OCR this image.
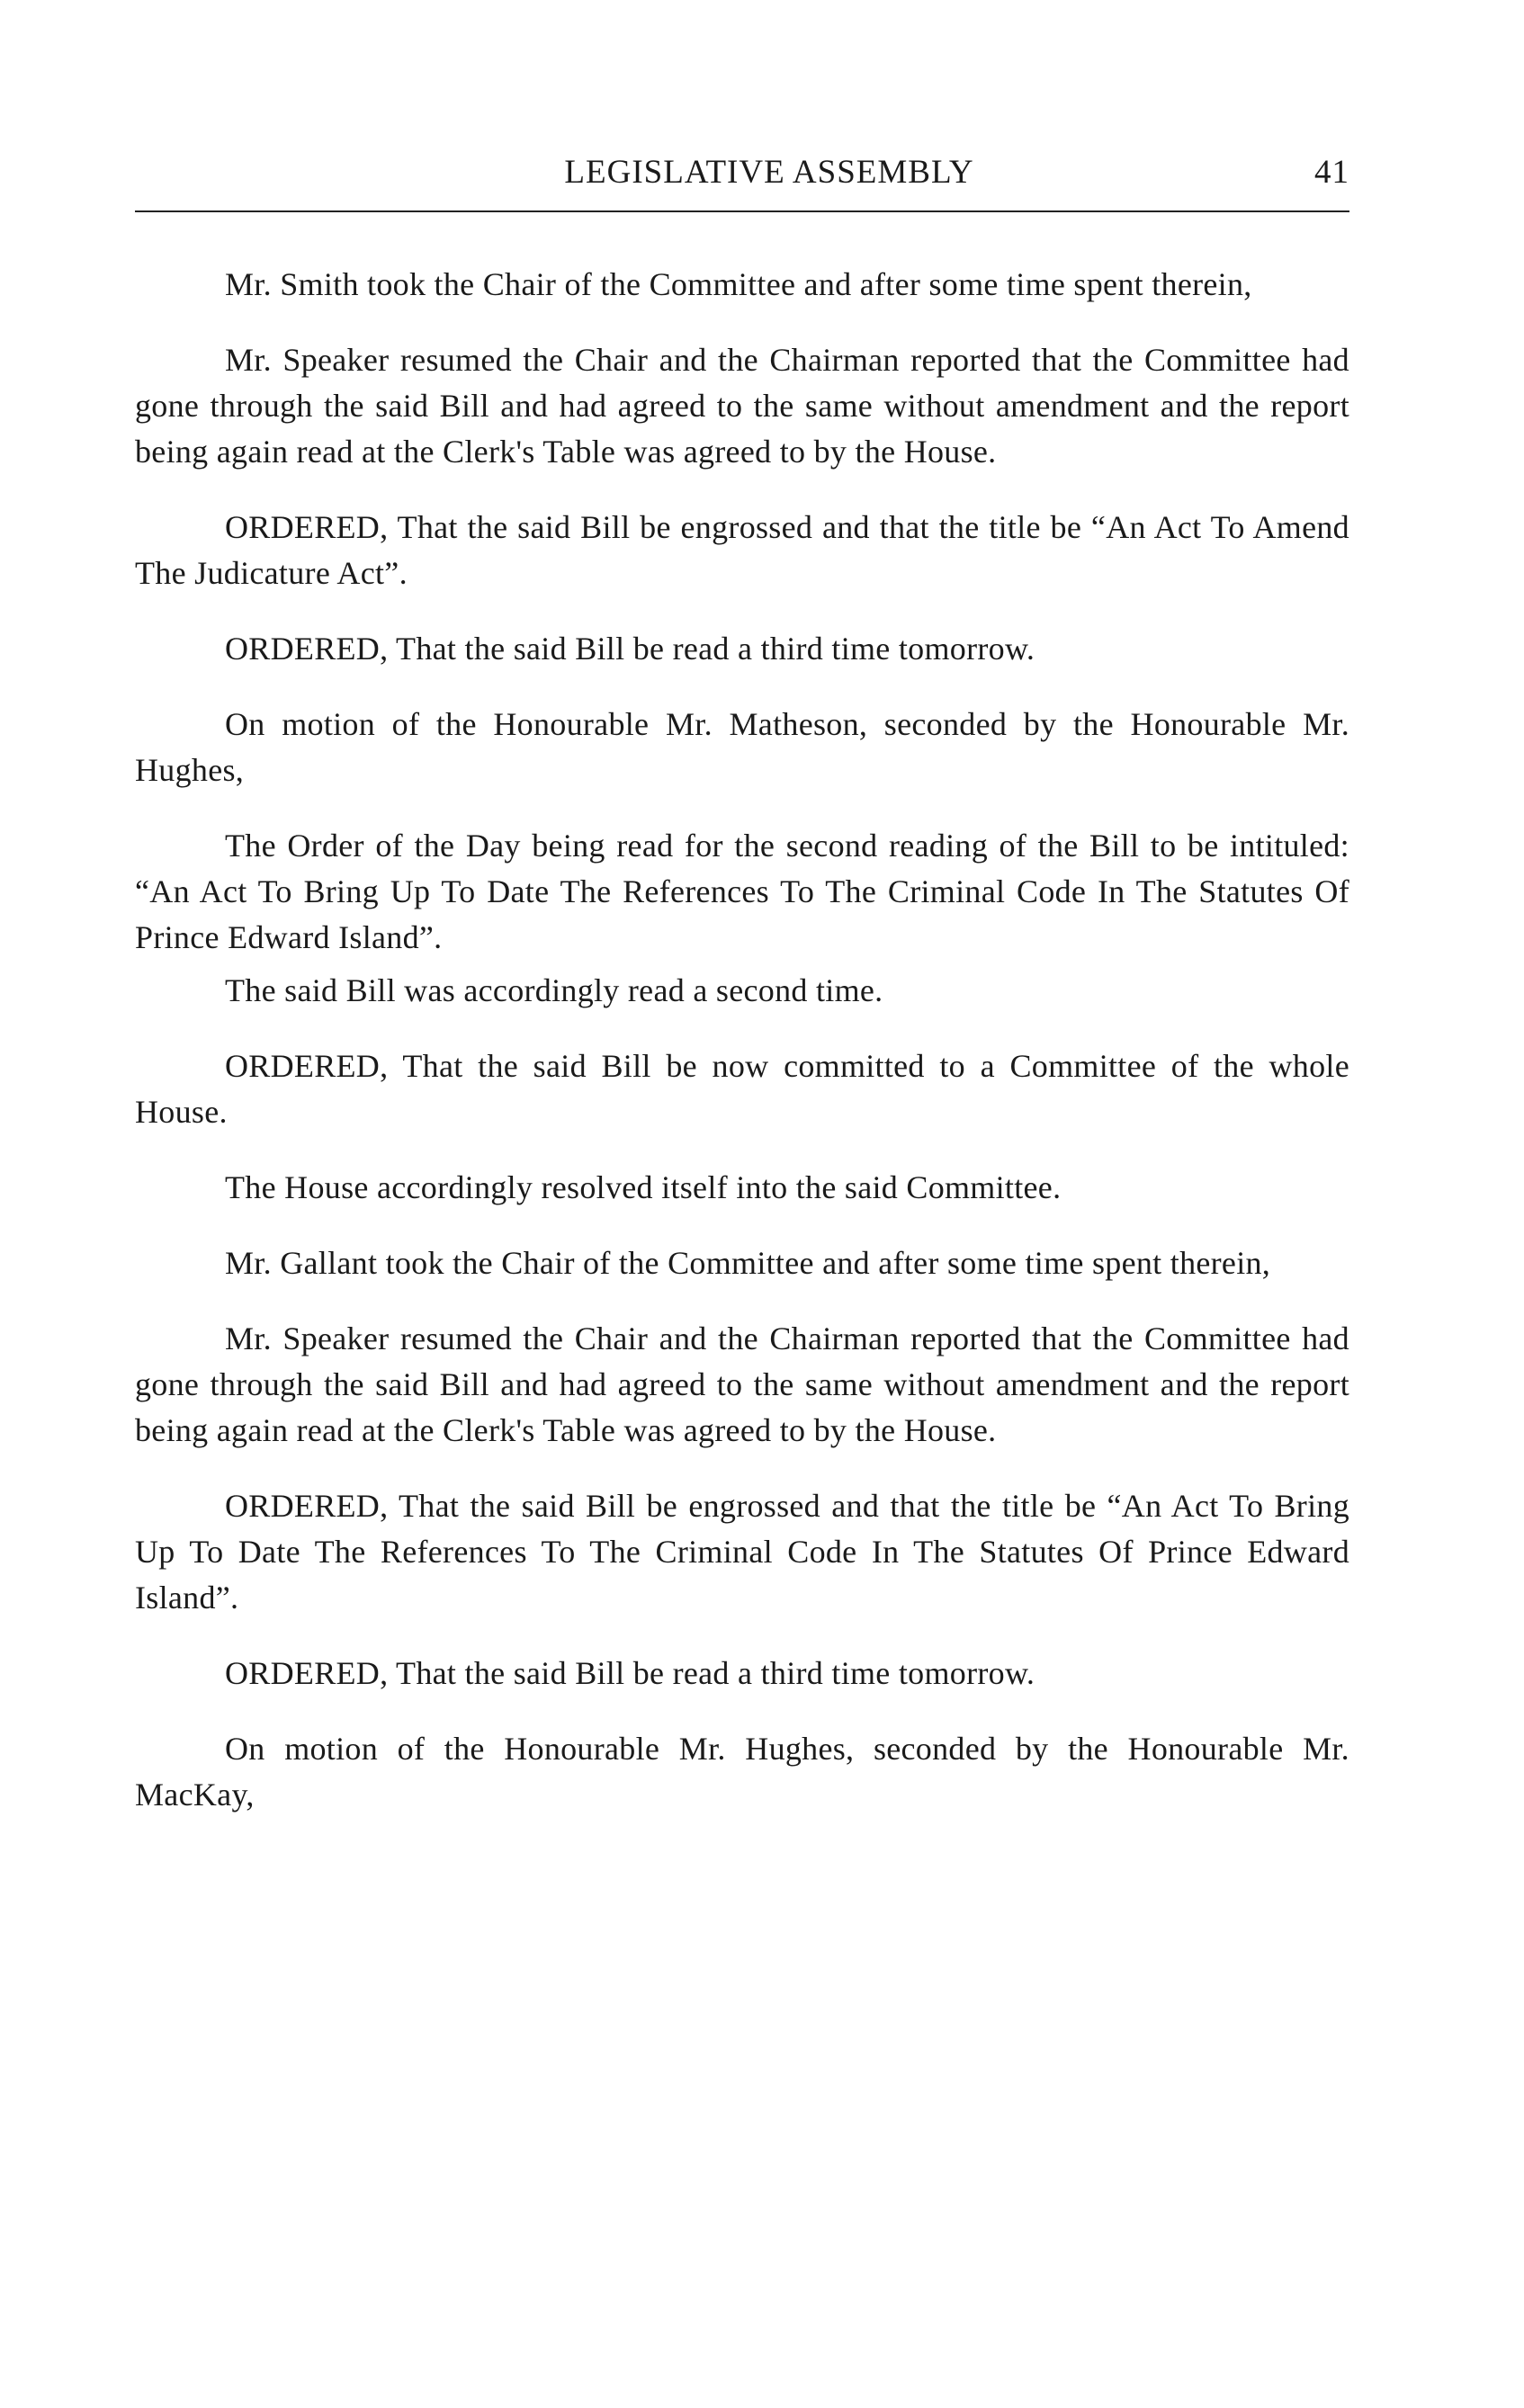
LEGISLATIVE ASSEMBLY	41

Mr. Smith took the Chair of the Committee and after some time spent therein,

Mr. Speaker resumed the Chair and the Chairman reported that the Committee had gone through the said Bill and had agreed to the same without amendment and the report being again read at the Clerk's Table was agreed to by the House.

ORDERED, That the said Bill be engrossed and that the title be “An Act To Amend The Judicature Act”.

ORDERED, That the said Bill be read a third time tomorrow.

On motion of the Honourable Mr. Matheson, seconded by the Honourable Mr. Hughes,

The Order of the Day being read for the second reading of the Bill to be intituled: “An Act To Bring Up To Date The References To The Criminal Code In The Statutes Of Prince Edward Island”.

The said Bill was accordingly read a second time.

ORDERED, That the said Bill be now committed to a Committee of the whole House.

The House accordingly resolved itself into the said Committee.

Mr. Gallant took the Chair of the Committee and after some time spent therein,

Mr. Speaker resumed the Chair and the Chairman reported that the Committee had gone through the said Bill and had agreed to the same without amendment and the report being again read at the Clerk's Table was agreed to by the House.

ORDERED, That the said Bill be engrossed and that the title be “An Act To Bring Up To Date The References To The Criminal Code In The Statutes Of Prince Edward Island”.

ORDERED, That the said Bill be read a third time tomorrow.

On motion of the Honourable Mr. Hughes, seconded by the Honourable Mr. MacKay,
